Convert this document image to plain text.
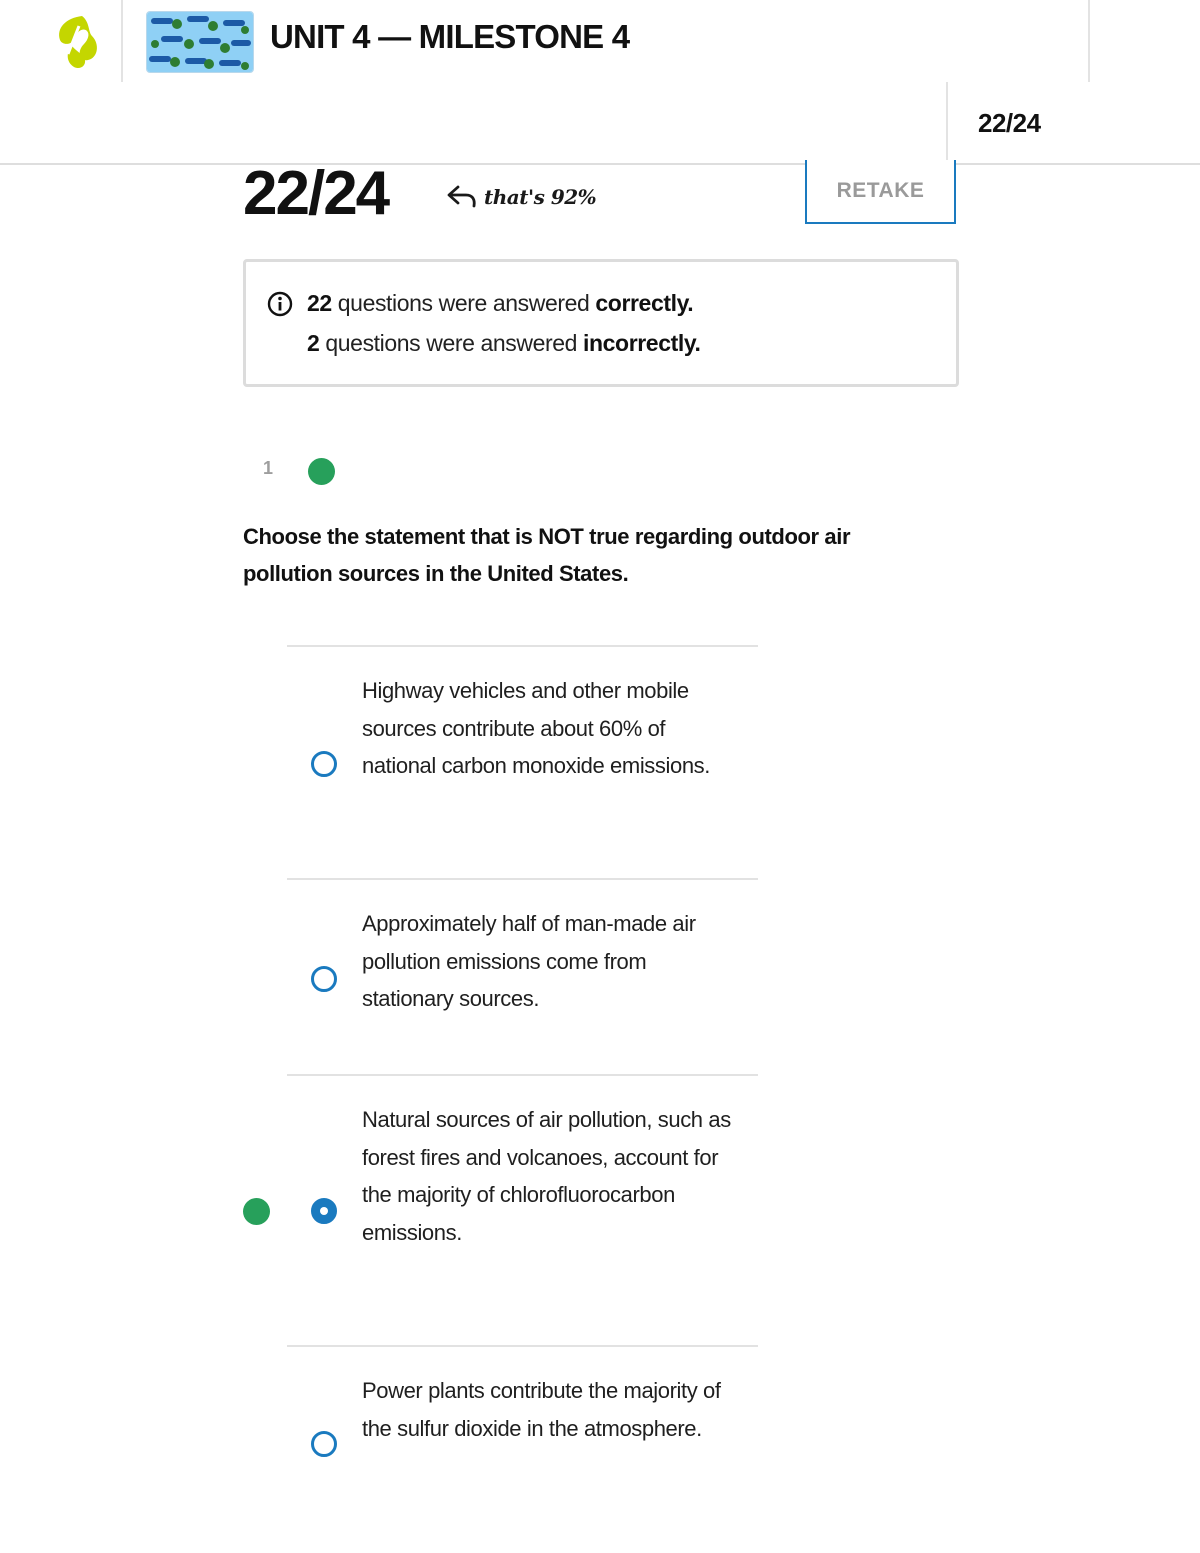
UNIT 4 — MILESTONE 4
22/24
22/24	that's 92%	RETAKE
22 questions were answered correctly.
2 questions were answered incorrectly.
1
Choose the statement that is NOT true regarding outdoor air pollution sources in the United States.
Highway vehicles and other mobile sources contribute about 60% of national carbon monoxide emissions.
Approximately half of man-made air pollution emissions come from stationary sources.
Natural sources of air pollution, such as forest fires and volcanoes, account for the majority of chlorofluorocarbon emissions.
Power plants contribute the majority of the sulfur dioxide in the atmosphere.
